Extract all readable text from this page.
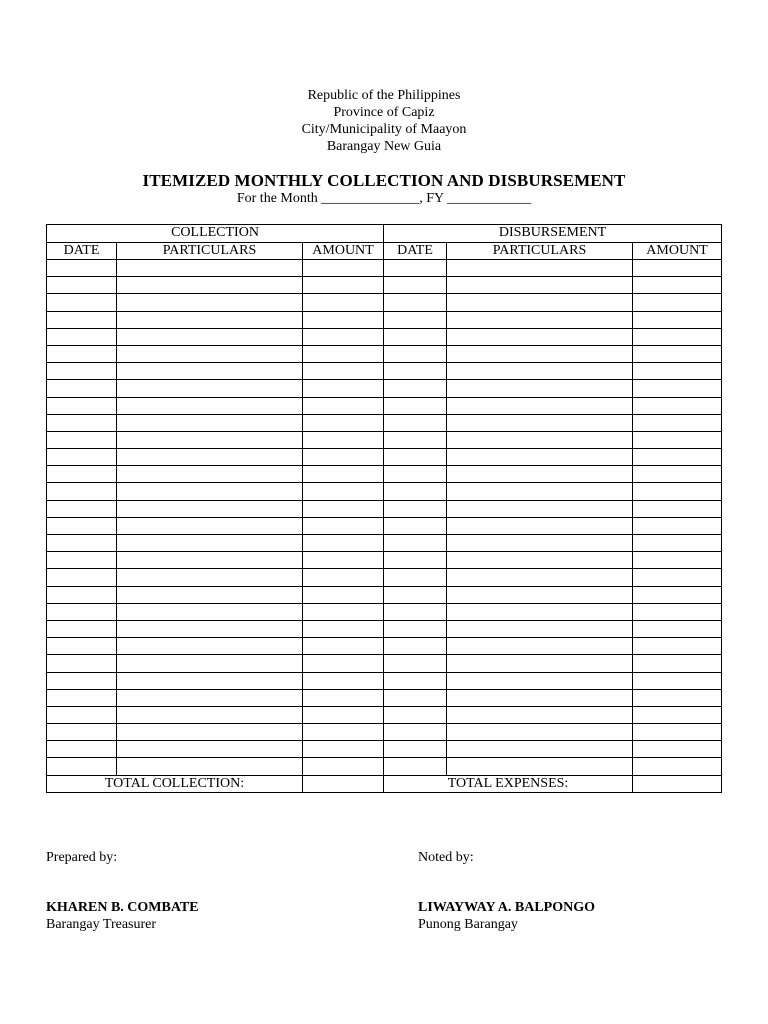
Republic of the Philippines
Province of Capiz
City/Municipality of Maayon
Barangay New Guia
ITEMIZED MONTHLY COLLECTION AND DISBURSEMENT
For the Month ______________, FY ____________
COLLECTION			DISBURSEMENT		
DATE	PARTICULARS	AMOUNT	DATE	PARTICULARS	AMOUNT

TOTAL COLLECTION:			TOTAL EXPENSES:		
Prepared by:
KHAREN B. COMBATE
Barangay Treasurer
Noted by:
LIWAYWAY A. BALPONGO
Punong Barangay
